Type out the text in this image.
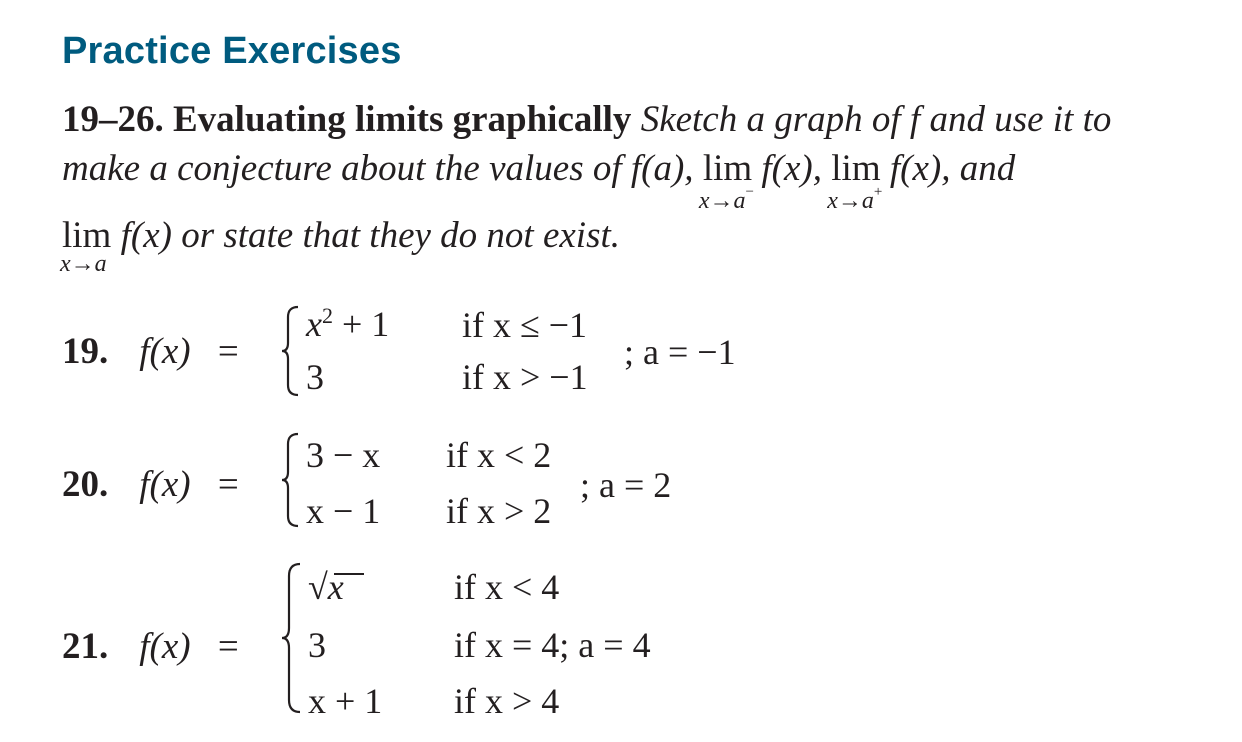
Practice Exercises
19–26. Evaluating limits graphically Sketch a graph of f and use it to
make a conjecture about the values of f(a), lim
x→a−
f(x), lim
x→a+
f(x), and
lim
x→a
f(x) or state that they do not exist.
19. f(x) =
$x^2 + 1$ if x ≤ −1
3	if x > −1
; a = −1
20. f(x) =
3 − x if x < 2
x − 1 if x > 2
; a = 2
21. f(x) =
√x	if x < 4
3	if x = 4; a = 4
x + 1 if x > 4
